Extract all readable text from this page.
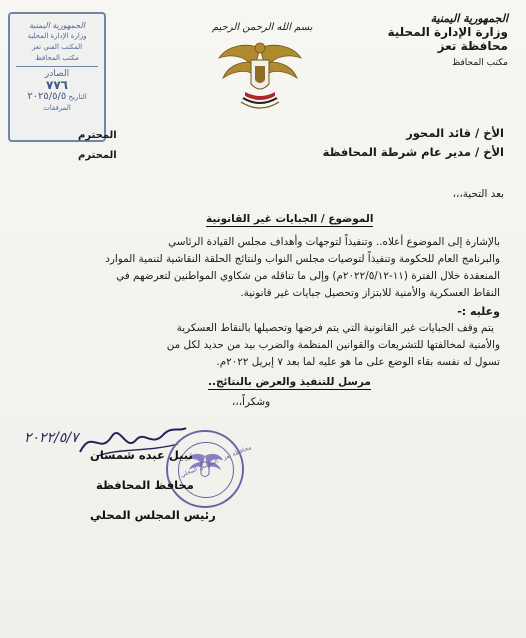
الجمهورية اليمنية
وزارة الإدارة المحلية
محافظة تعز
مكتب المحافظ
بسم الله الرحمن الرحيم
الجمهورية اليمنية
وزارة الإدارة المحلية
المكتب الفني تعز
مكتب المحافظ
الصادر
٧٧٦
التاريخ ٢٠٢٥/٥/٥
المرفقات
الأخ / قائد المحور
الأخ / مدير عام شرطة المحافظة
المحترم
المحترم
بعد التحية،،،
الموضوع / الجبايات غير القانونية
بالإشارة إلى الموضوع أعلاه.. وتنفيذاً لتوجهات وأهداف مجلس القيادة الرئاسي
والبرنامج العام للحكومة وتنفيذاً لتوصيات مجلس النواب ولنتائج الحلقة النقاشية لتنمية الموارد
المنعقدة خلال الفترة (١١-٢٠٢٢/٥/١٢م) وإلى ما تناقله من شكاوي المواطنين لتعرضهم في
النقاط العسكرية والأمنية للابتزاز وتحصيل جبايات غير قانونية.
وعليه :-
يتم وقف الجبايات غير القانونية التي يتم فرضها وتحصيلها بالنقاط العسكرية
والأمنية لمخالفتها للتشريعات والقوانين المنظمة والضرب بيد من حديد لكل من
تسول له نفسه بقاء الوضع على ما هو عليه لما بعد ٧ إبريل ٢٠٢٢م.
مرسل للتنفيذ والعرض بالنتائج..
وشكراً،،،
٢٠٢٢/٥/٧
محافظة تعز - المجلس المحلي
نبيل عبده شمسان
محافظ المحافظة
رئيس المجلس المحلي
